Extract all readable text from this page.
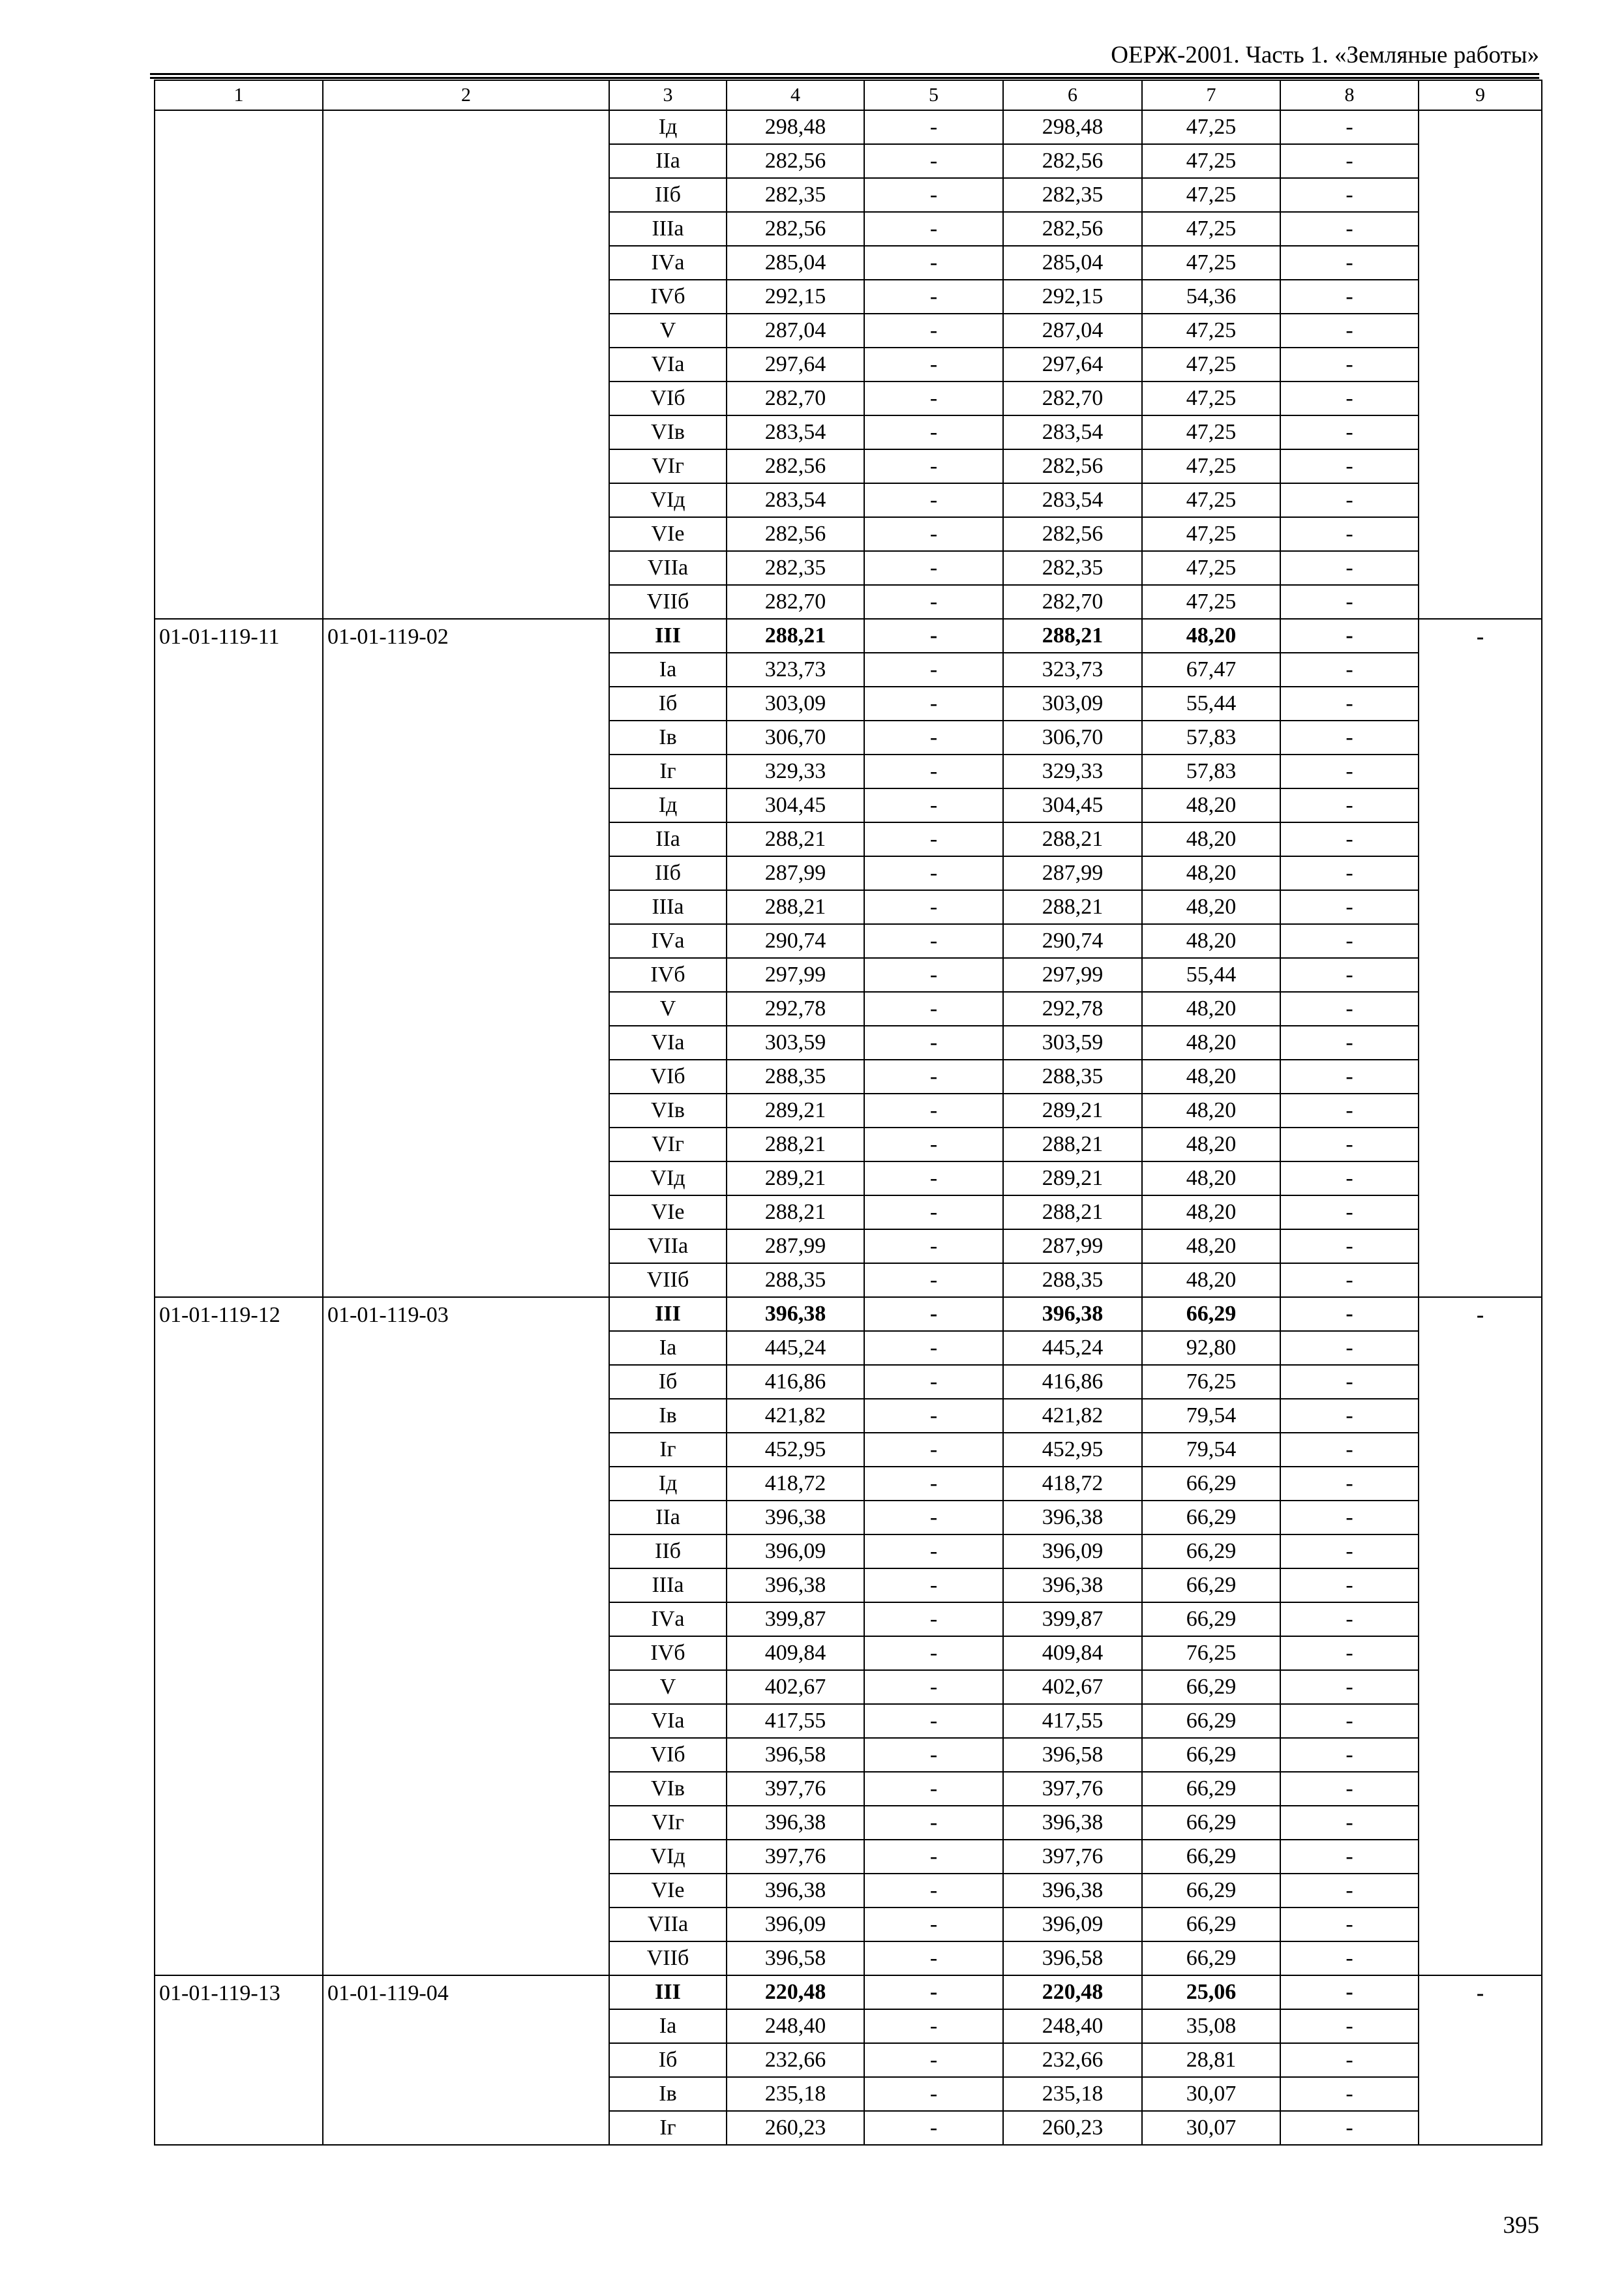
ОЕРЖ-2001. Часть 1. «Земляные работы»
1	2	3	4	5	6	7	8	9
		Iд	298,48	-	298,48	47,25	-	
		IIа	282,56	-	282,56	47,25	-	
		IIб	282,35	-	282,35	47,25	-	
		IIIа	282,56	-	282,56	47,25	-	
		IVа	285,04	-	285,04	47,25	-	
		IVб	292,15	-	292,15	54,36	-	
		V	287,04	-	287,04	47,25	-	
		VIа	297,64	-	297,64	47,25	-	
		VIб	282,70	-	282,70	47,25	-	
		VIв	283,54	-	283,54	47,25	-	
		VIг	282,56	-	282,56	47,25	-	
		VIд	283,54	-	283,54	47,25	-	
		VIе	282,56	-	282,56	47,25	-	
		VIIа	282,35	-	282,35	47,25	-	
		VIIб	282,70	-	282,70	47,25	-	
01-01-119-11	01-01-119-02	III	288,21	-	288,21	48,20	-	-
		Iа	323,73	-	323,73	67,47	-	
		Iб	303,09	-	303,09	55,44	-	
		Iв	306,70	-	306,70	57,83	-	
		Iг	329,33	-	329,33	57,83	-	
		Iд	304,45	-	304,45	48,20	-	
		IIа	288,21	-	288,21	48,20	-	
		IIб	287,99	-	287,99	48,20	-	
		IIIа	288,21	-	288,21	48,20	-	
		IVа	290,74	-	290,74	48,20	-	
		IVб	297,99	-	297,99	55,44	-	
		V	292,78	-	292,78	48,20	-	
		VIа	303,59	-	303,59	48,20	-	
		VIб	288,35	-	288,35	48,20	-	
		VIв	289,21	-	289,21	48,20	-	
		VIг	288,21	-	288,21	48,20	-	
		VIд	289,21	-	289,21	48,20	-	
		VIе	288,21	-	288,21	48,20	-	
		VIIа	287,99	-	287,99	48,20	-	
		VIIб	288,35	-	288,35	48,20	-	
01-01-119-12	01-01-119-03	III	396,38	-	396,38	66,29	-	-
		Iа	445,24	-	445,24	92,80	-	
		Iб	416,86	-	416,86	76,25	-	
		Iв	421,82	-	421,82	79,54	-	
		Iг	452,95	-	452,95	79,54	-	
		Iд	418,72	-	418,72	66,29	-	
		IIа	396,38	-	396,38	66,29	-	
		IIб	396,09	-	396,09	66,29	-	
		IIIа	396,38	-	396,38	66,29	-	
		IVа	399,87	-	399,87	66,29	-	
		IVб	409,84	-	409,84	76,25	-	
		V	402,67	-	402,67	66,29	-	
		VIа	417,55	-	417,55	66,29	-	
		VIб	396,58	-	396,58	66,29	-	
		VIв	397,76	-	397,76	66,29	-	
		VIг	396,38	-	396,38	66,29	-	
		VIд	397,76	-	397,76	66,29	-	
		VIе	396,38	-	396,38	66,29	-	
		VIIа	396,09	-	396,09	66,29	-	
		VIIб	396,58	-	396,58	66,29	-	
01-01-119-13	01-01-119-04	III	220,48	-	220,48	25,06	-	-
		Iа	248,40	-	248,40	35,08	-	
		Iб	232,66	-	232,66	28,81	-	
		Iв	235,18	-	235,18	30,07	-	
		Iг	260,23	-	260,23	30,07	-	
395
